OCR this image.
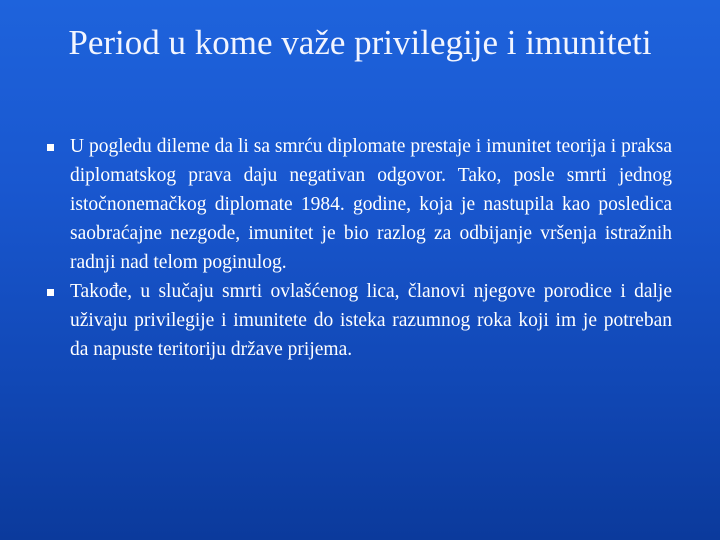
Period u kome važe privilegije i imuniteti
U pogledu dileme da li sa smrću diplomate prestaje i imunitet teorija i praksa diplomatskog prava daju negativan odgovor. Tako, posle smrti jednog istočnonemačkog diplomate 1984. godine, koja je nastupila kao posledica saobraćajne nezgode, imunitet je bio razlog za odbijanje vršenja istražnih radnji nad telom poginulog.
Takođe, u slučaju smrti ovlašćenog lica, članovi njegove porodice i dalje uživaju privilegije i imunitete do isteka razumnog roka koji im je potreban da napuste teritoriju države prijema.
